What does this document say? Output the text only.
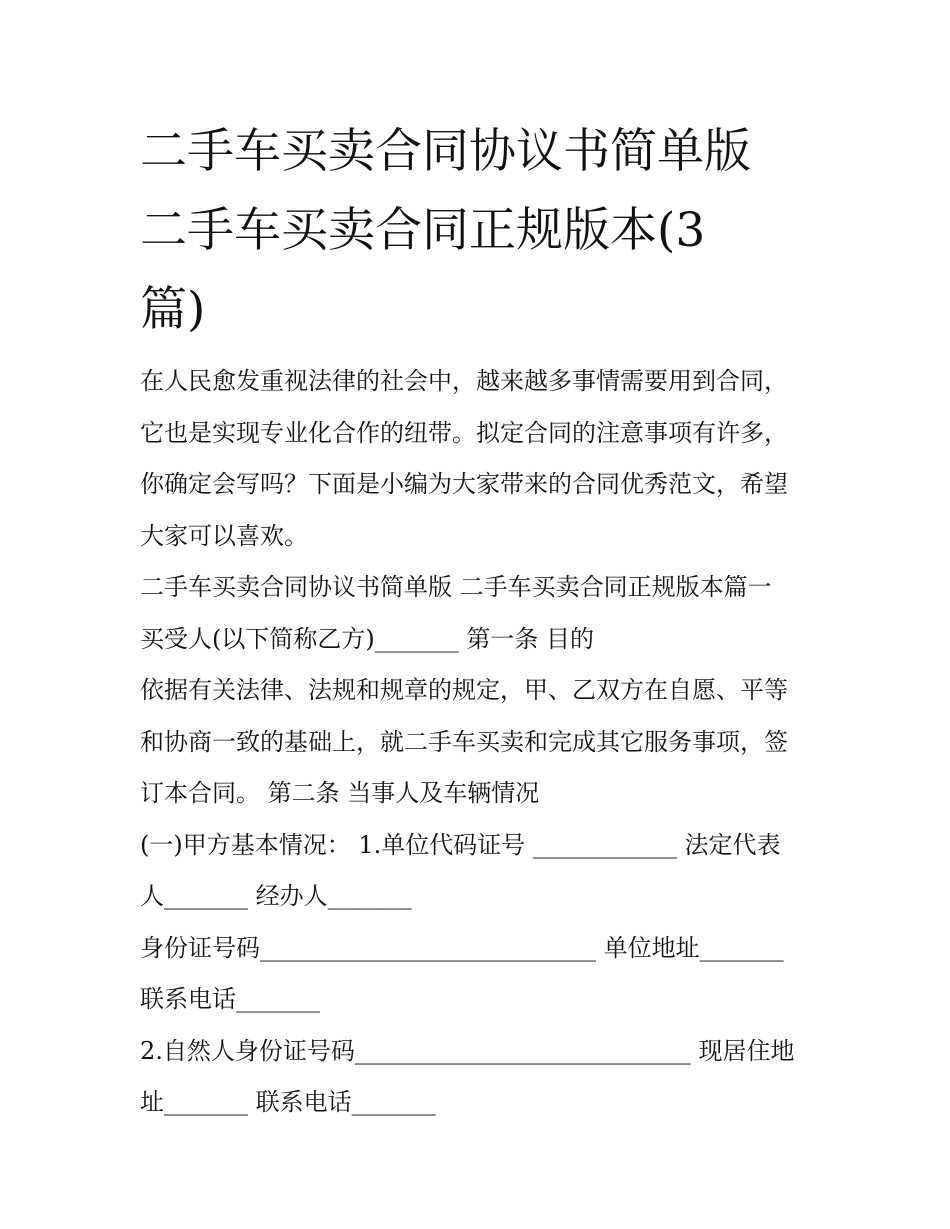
二手车买卖合同协议书简单版
二手车买卖合同正规版本(3
篇)

在人民愈发重视法律的社会中，越来越多事情需要用到合同，

它也是实现专业化合作的纽带。拟定合同的注意事项有许多，

你确定会写吗？下面是小编为大家带来的合同优秀范文，希望

大家可以喜欢。

二手车买卖合同协议书简单版 二手车买卖合同正规版本篇一

买受人(以下简称乙方)_______ 第一条 目的

依据有关法律、法规和规章的规定，甲、乙双方在自愿、平等

和协商一致的基础上，就二手车买卖和完成其它服务事项，签

订本合同。 第二条 当事人及车辆情况

(一)甲方基本情况： 1.单位代码证号 ____________ 法定代表

人_______ 经办人_______

身份证号码____________________________ 单位地址_______

联系电话_______

2.自然人身份证号码____________________________ 现居住地

址_______ 联系电话_______
